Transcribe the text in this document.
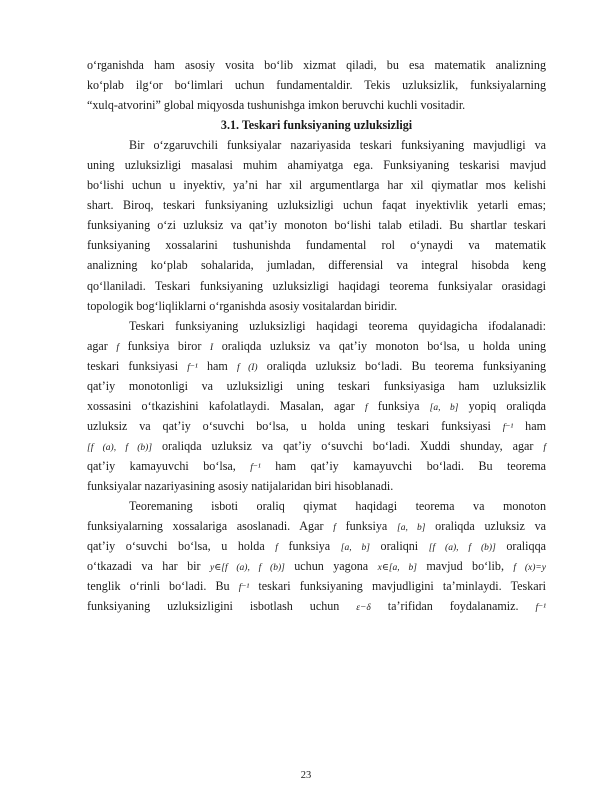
o‘rganishda ham asosiy vosita bo‘lib xizmat qiladi, bu esa matematik analizning
ko‘plab ilg‘or bo‘limlari uchun fundamentaldir. Tekis uzluksizlik, funksiyalarning
“xulq-atvorini” global miqyosda tushunishga imkon beruvchi kuchli vositadir.
3.1. Teskari funksiyaning uzluksizligi
Bir o‘zgaruvchili funksiyalar nazariyasida teskari funksiyaning mavjudligi va
uning uzluksizligi masalasi muhim ahamiyatga ega. Funksiyaning teskarisi mavjud
bo‘lishi uchun u inyektiv, ya’ni har xil argumentlarga har xil qiymatlar mos kelishi
shart. Biroq, teskari funksiyaning uzluksizligi uchun faqat inyektivlik yetarli emas;
funksiyaning o‘zi uzluksiz va qat’iy monoton bo‘lishi talab etiladi. Bu shartlar teskari
funksiyaning xossalarini tushunishda fundamental rol o‘ynaydi va matematik
analizning ko‘plab sohalarida, jumladan, differensial va integral hisobda keng
qo‘llaniladi. Teskari funksiyaning uzluksizligi haqidagi teorema funksiyalar orasidagi
topologik bog‘liqliklarni o‘rganishda asosiy vositalardan biridir.
Teskari funksiyaning uzluksizligi haqidagi teorema quyidagicha ifodalanadi:
agar f funksiya biror I oraliqda uzluksiz va qat’iy monoton bo‘lsa, u holda uning
teskari funksiyasi f⁻¹ ham f (I) oraliqda uzluksiz bo‘ladi. Bu teorema funksiyaning
qat’iy monotonligi va uzluksizligi uning teskari funksiyasiga ham uzluksizlik
xossasini o‘tkazishini kafolatlaydi. Masalan, agar f funksiya [a, b] yopiq oraliqda
uzluksiz va qat’iy o‘suvchi bo‘lsa, u holda uning teskari funksiyasi f⁻¹ ham
[f (a), f (b)] oraliqda uzluksiz va qat’iy o‘suvchi bo‘ladi. Xuddi shunday, agar f
qat’iy kamayuvchi bo‘lsa, f⁻¹ ham qat’iy kamayuvchi bo‘ladi. Bu teorema
funksiyalar nazariyasining asosiy natijalaridan biri hisoblanadi.
Teoremaning isboti oraliq qiymat haqidagi teorema va monoton
funksiyalarning xossalariga asoslanadi. Agar f funksiya [a, b] oraliqda uzluksiz va
qat’iy o‘suvchi bo‘lsa, u holda f funksiya [a, b] oraliqni [f (a), f (b)] oraliqqa
o‘tkazadi va har bir y∈[f (a), f (b)] uchun yagona x∈[a, b] mavjud bo‘lib, f (x)=y
tenglik o‘rinli bo‘ladi. Bu f⁻¹ teskari funksiyaning mavjudligini ta’minlaydi. Teskari
funksiyaning uzluksizligini isbotlash uchun ε−δ ta’rifidan foydalanamiz. f⁻¹
23
